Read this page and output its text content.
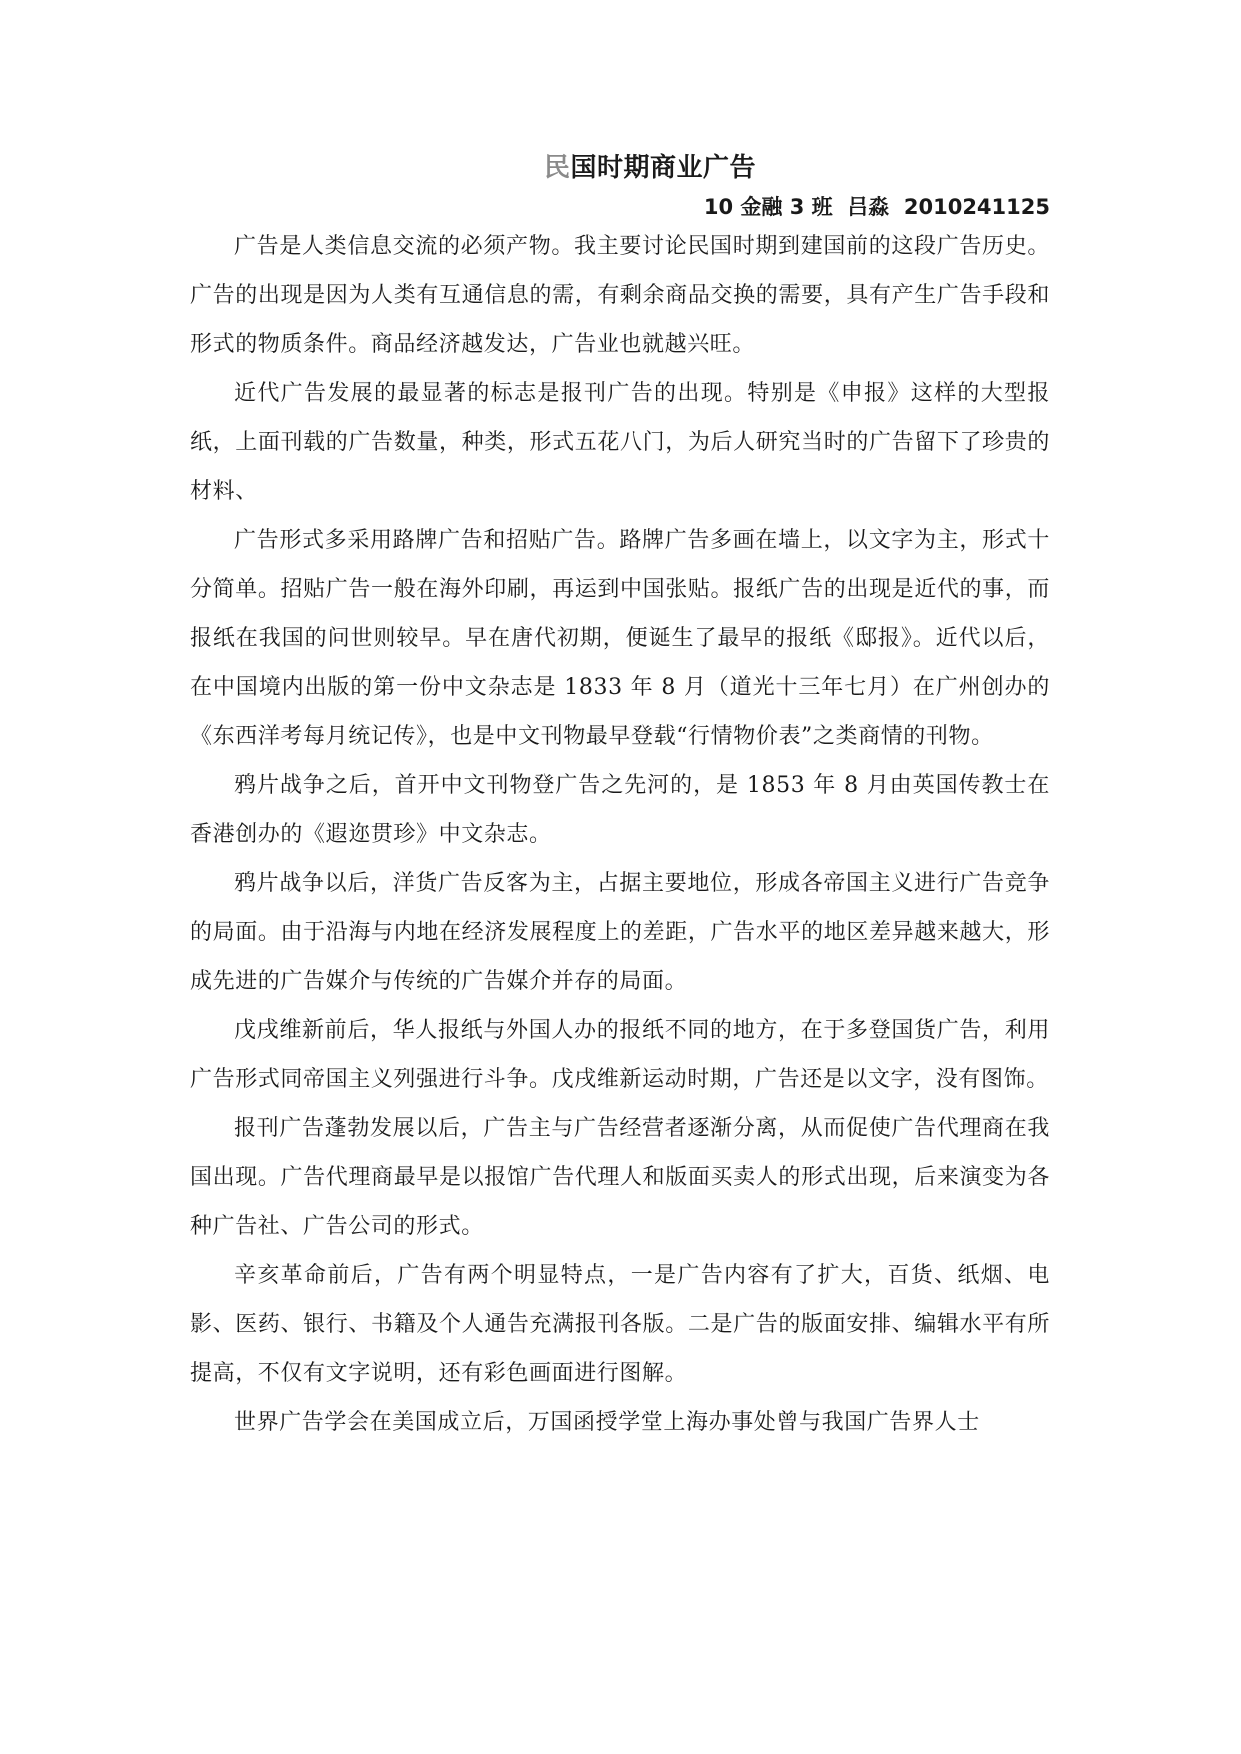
民国时期商业广告

10 金融 3 班  吕淼  2010241125

广告是人类信息交流的必须产物。我主要讨论民国时期到建国前的这段广告历史。广告的出现是因为人类有互通信息的需，有剩余商品交换的需要，具有产生广告手段和形式的物质条件。商品经济越发达，广告业也就越兴旺。

近代广告发展的最显著的标志是报刊广告的出现。特别是《申报》这样的大型报纸，上面刊载的广告数量，种类，形式五花八门，为后人研究当时的广告留下了珍贵的材料、

广告形式多采用路牌广告和招贴广告。路牌广告多画在墙上，以文字为主，形式十分简单。招贴广告一般在海外印刷，再运到中国张贴。报纸广告的出现是近代的事，而报纸在我国的问世则较早。早在唐代初期，便诞生了最早的报纸《邸报》。近代以后，在中国境内出版的第一份中文杂志是 1833 年 8 月（道光十三年七月）在广州创办的《东西洋考每月统记传》，也是中文刊物最早登载“行情物价表”之类商情的刊物。

鸦片战争之后，首开中文刊物登广告之先河的，是 1853 年 8 月由英国传教士在香港创办的《遐迩贯珍》中文杂志。

鸦片战争以后，洋货广告反客为主，占据主要地位，形成各帝国主义进行广告竞争的局面。由于沿海与内地在经济发展程度上的差距，广告水平的地区差异越来越大，形成先进的广告媒介与传统的广告媒介并存的局面。

戊戌维新前后，华人报纸与外国人办的报纸不同的地方，在于多登国货广告，利用广告形式同帝国主义列强进行斗争。戊戌维新运动时期，广告还是以文字，没有图饰。

报刊广告蓬勃发展以后，广告主与广告经营者逐渐分离，从而促使广告代理商在我国出现。广告代理商最早是以报馆广告代理人和版面买卖人的形式出现，后来演变为各种广告社、广告公司的形式。

辛亥革命前后，广告有两个明显特点，一是广告内容有了扩大，百货、纸烟、电影、医药、银行、书籍及个人通告充满报刊各版。二是广告的版面安排、编辑水平有所提高，不仅有文字说明，还有彩色画面进行图解。

世界广告学会在美国成立后，万国函授学堂上海办事处曾与我国广告界人士
